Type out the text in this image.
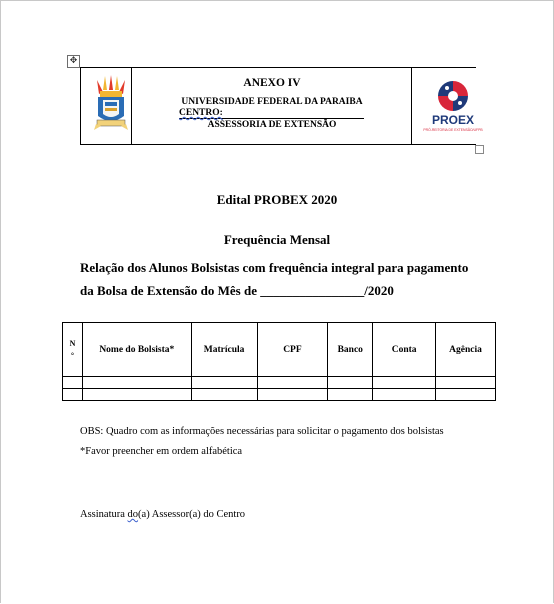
✥
ANEXO IV
UNIVERSIDADE FEDERAL DA PARAIBA
CENTRO:
ASSESSORIA DE EXTENSÃO	PROEX
PRÓ-REITORIA DE EXTENSÃO/UFPB
Edital PROBEX 2020
Frequência Mensal
Relação dos Alunos Bolsistas com frequência integral para pagamento
da Bolsa de Extensão do Mês de ________________/2020
N
°	Nome do Bolsista*	Matrícula	CPF	Banco	Conta	Agência

OBS: Quadro com as informações necessárias para solicitar o pagamento dos bolsistas
*Favor preencher em ordem alfabética
Assinatura do(a) Assessor(a) do Centro
